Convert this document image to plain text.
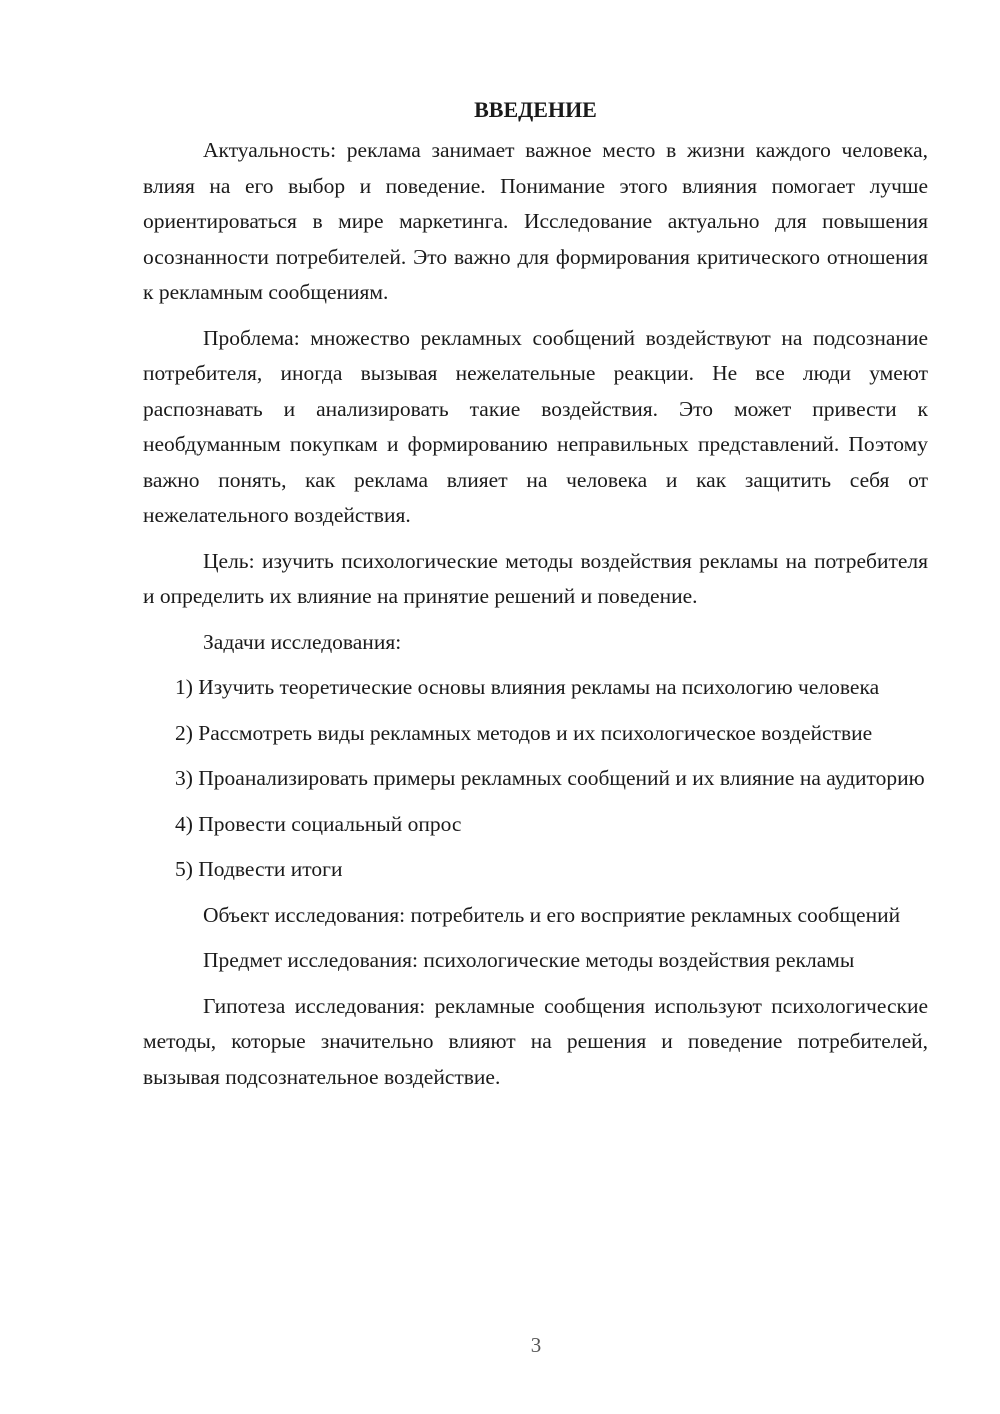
ВВЕДЕНИЕ

Актуальность: реклама занимает важное место в жизни каждого человека, влияя на его выбор и поведение. Понимание этого влияния помогает лучше ориентироваться в мире маркетинга. Исследование актуально для повышения осознанности потребителей. Это важно для формирования критического отношения к рекламным сообщениям.

Проблема: множество рекламных сообщений воздействуют на подсознание потребителя, иногда вызывая нежелательные реакции. Не все люди умеют распознавать и анализировать такие воздействия. Это может привести к необдуманным покупкам и формированию неправильных представлений. Поэтому важно понять, как реклама влияет на человека и как защитить себя от нежелательного воздействия.

Цель: изучить психологические методы воздействия рекламы на потребителя и определить их влияние на принятие решений и поведение.

Задачи исследования:

1) Изучить теоретические основы влияния рекламы на психологию человека

2) Рассмотреть виды рекламных методов и их психологическое воздействие

3) Проанализировать примеры рекламных сообщений и их влияние на аудиторию

4) Провести социальный опрос

5) Подвести итоги

Объект исследования: потребитель и его восприятие рекламных сообщений

Предмет исследования: психологические методы воздействия рекламы

Гипотеза исследования: рекламные сообщения используют психологические методы, которые значительно влияют на решения и поведение потребителей, вызывая подсознательное воздействие.

3
